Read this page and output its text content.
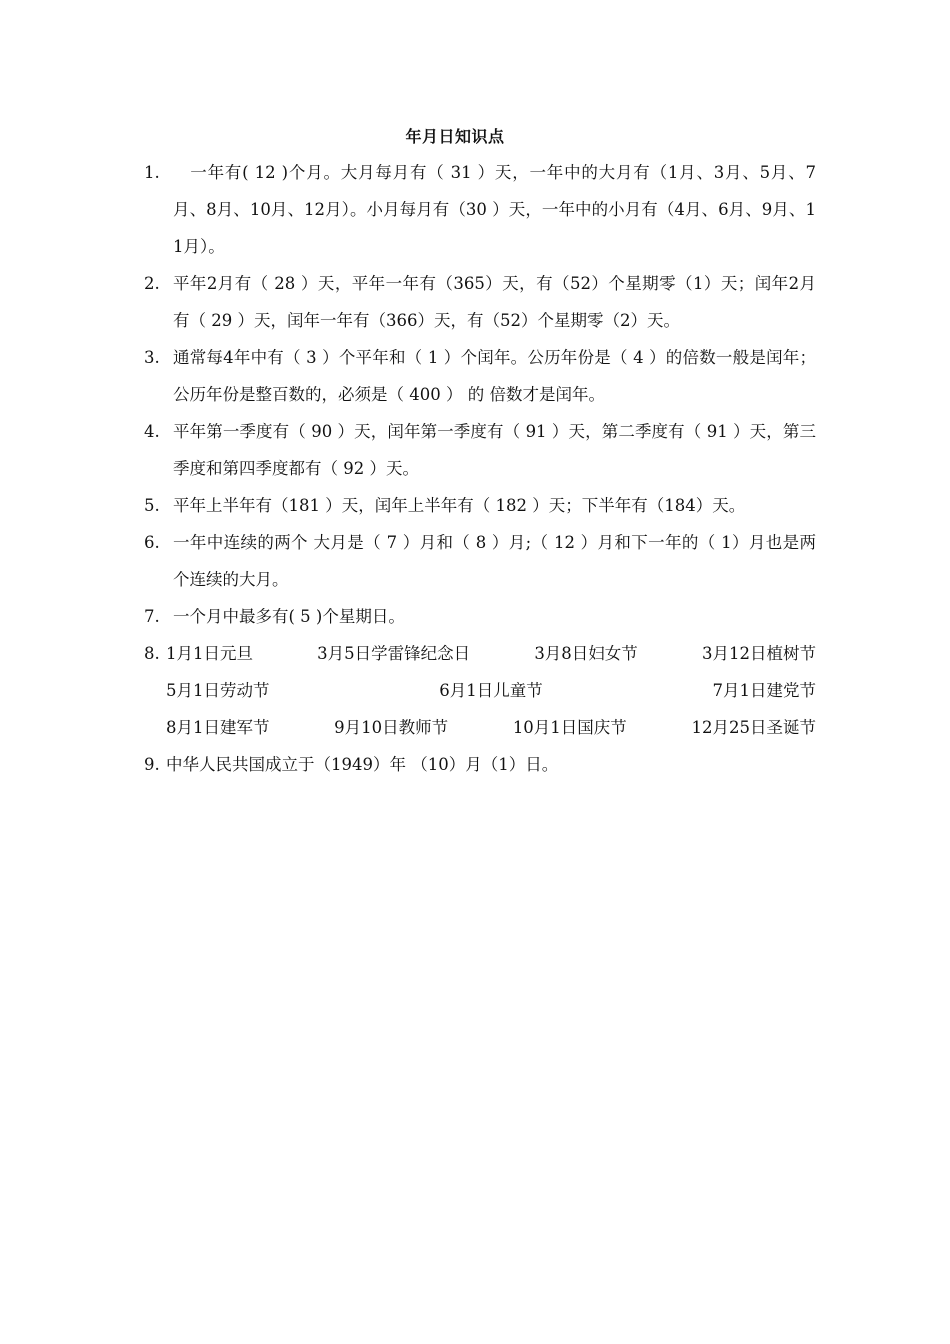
年月日知识点
1. 　一年有( 12 )个月。大月每月有（ 31 ）天，一年中的大月有（1月、3月、5月、7月、8月、10月、12月）。小月每月有（30 ）天，一年中的小月有（4月、6月、9月、11月）。
2. 平年2月有（ 28 ）天，平年一年有（365）天，有（52）个星期零（1）天；闰年2月有（ 29 ）天，闰年一年有（366）天，有（52）个星期零（2）天。
3. 通常每4年中有（ 3 ）个平年和（ 1 ）个闰年。公历年份是（ 4 ）的倍数一般是闰年；公历年份是整百数的，必须是（ 400 ） 的 倍数才是闰年。
4. 平年第一季度有（ 90 ）天，闰年第一季度有（ 91 ）天，第二季度有（ 91 ）天，第三季度和第四季度都有（ 92 ）天。
5. 平年上半年有（181 ）天，闰年上半年有（ 182 ）天；下半年有（184）天。
6. 一年中连续的两个 大月是（ 7 ）月和（ 8 ）月;（ 12 ）月和下一年的（ 1）月也是两个连续的大月。
7. 一个月中最多有( 5 )个星期日。
8. 1月1日元旦	3月5日学雷锋纪念日	3月8日妇女节	3月12日植树节
5月1日劳动节	6月1日儿童节	7月1日建党节
8月1日建军节	9月10日教师节	10月1日国庆节	12月25日圣诞节
9. 中华人民共国成立于（1949）年 （10）月（1）日。
